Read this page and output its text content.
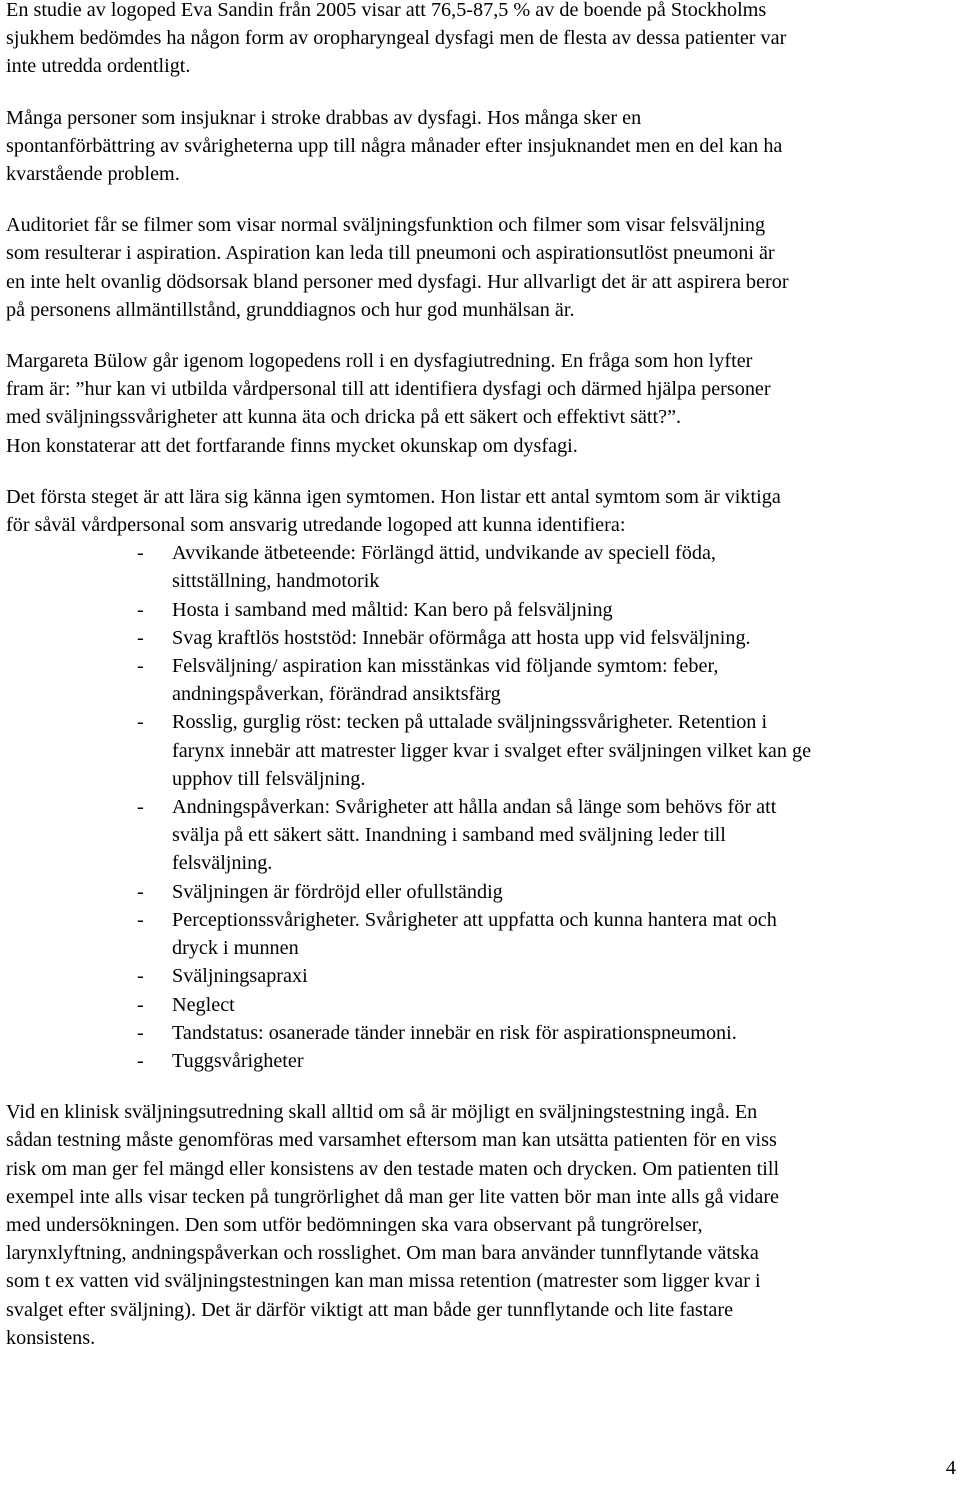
En studie av logoped Eva Sandin från 2005 visar att 76,5-87,5 % av de boende på Stockholms
sjukhem bedömdes ha någon form av oropharyngeal dysfagi men de flesta av dessa patienter var
inte utredda ordentligt.
Många personer som insjuknar i stroke drabbas av dysfagi. Hos många sker en
spontanförbättring av svårigheterna upp till några månader efter insjuknandet men en del kan ha
kvarstående problem.
Auditoriet får se filmer som visar normal sväljningsfunktion och filmer som visar felsväljning
som resulterar i aspiration. Aspiration kan leda till pneumoni och aspirationsutlöst pneumoni är
en inte helt ovanlig dödsorsak bland personer med dysfagi. Hur allvarligt det är att aspirera beror
på personens allmäntillstånd, grunddiagnos och hur god munhälsan är.
Margareta Bülow går igenom logopedens roll i en dysfagiutredning. En fråga som hon lyfter
fram är: ”hur kan vi utbilda vårdpersonal till att identifiera dysfagi och därmed hjälpa personer
med sväljningssvårigheter att kunna äta och dricka på ett säkert och effektivt sätt?”.
Hon konstaterar att det fortfarande finns mycket okunskap om dysfagi.
Det första steget är att lära sig känna igen symtomen. Hon listar ett antal symtom som är viktiga
för såväl vårdpersonal som ansvarig utredande logoped att kunna identifiera:
- Avvikande ätbeteende: Förlängd ättid, undvikande av speciell föda,
sittställning, handmotorik
- Hosta i samband med måltid: Kan bero på felsväljning
- Svag kraftlös hoststöd: Innebär oförmåga att hosta upp vid felsväljning.
- Felsväljning/ aspiration kan misstänkas vid följande symtom: feber,
andningspåverkan, förändrad ansiktsfärg
- Rosslig, gurglig röst: tecken på uttalade sväljningssvårigheter. Retention i
farynx innebär att matrester ligger kvar i svalget efter sväljningen vilket kan ge
upphov till felsväljning.
- Andningspåverkan: Svårigheter att hålla andan så länge som behövs för att
svälja på ett säkert sätt. Inandning i samband med sväljning leder till
felsväljning.
- Sväljningen är fördröjd eller ofullständig
- Perceptionssvårigheter. Svårigheter att uppfatta och kunna hantera mat och
dryck i munnen
- Sväljningsapraxi
- Neglect
- Tandstatus: osanerade tänder innebär en risk för aspirationspneumoni.
- Tuggsvårigheter
Vid en klinisk sväljningsutredning skall alltid om så är möjligt en sväljningstestning ingå. En
sådan testning måste genomföras med varsamhet eftersom man kan utsätta patienten för en viss
risk om man ger fel mängd eller konsistens av den testade maten och drycken. Om patienten till
exempel inte alls visar tecken på tungrörlighet då man ger lite vatten bör man inte alls gå vidare
med undersökningen. Den som utför bedömningen ska vara observant på tungrörelser,
larynxlyftning, andningspåverkan och rosslighet. Om man bara använder tunnflytande vätska
som t ex vatten vid sväljningstestningen kan man missa retention (matrester som ligger kvar i
svalget efter sväljning). Det är därför viktigt att man både ger tunnflytande och lite fastare
konsistens.
4
